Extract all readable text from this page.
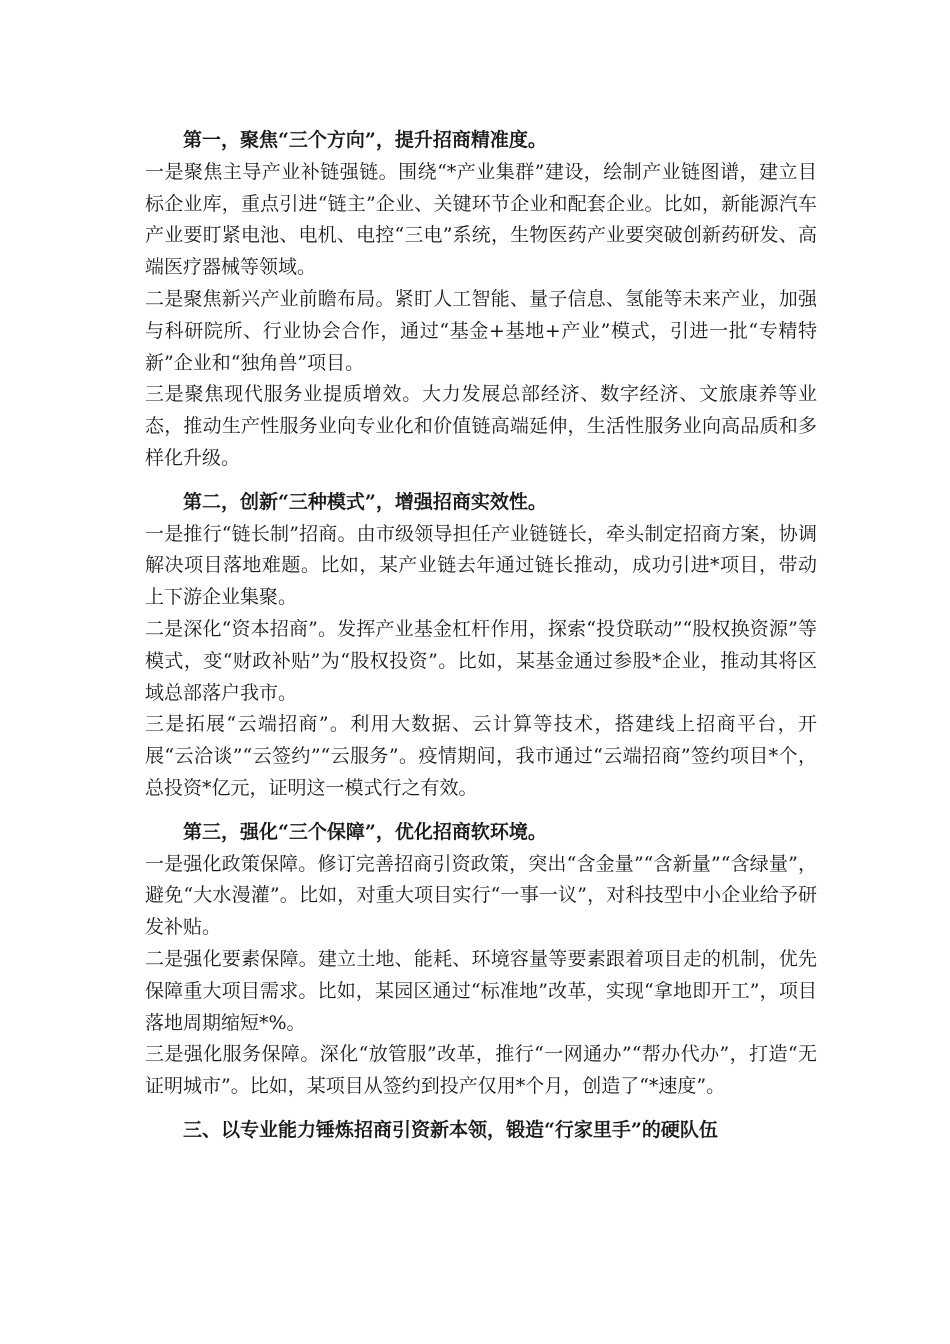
第一，聚焦“三个方向”，提升招商精准度。

一是聚焦主导产业补链强链。围绕“*产业集群”建设，绘制产业链图谱，建立目标企业库，重点引进“链主”企业、关键环节企业和配套企业。比如，新能源汽车产业要盯紧电池、电机、电控“三电”系统，生物医药产业要突破创新药研发、高端医疗器械等领域。

二是聚焦新兴产业前瞻布局。紧盯人工智能、量子信息、氢能等未来产业，加强与科研院所、行业协会合作，通过“基金+基地+产业”模式，引进一批“专精特新”企业和“独角兽”项目。

三是聚焦现代服务业提质增效。大力发展总部经济、数字经济、文旅康养等业态，推动生产性服务业向专业化和价值链高端延伸，生活性服务业向高品质和多样化升级。

第二，创新“三种模式”，增强招商实效性。

一是推行“链长制”招商。由市级领导担任产业链链长，牵头制定招商方案，协调解决项目落地难题。比如，某产业链去年通过链长推动，成功引进*项目，带动上下游企业集聚。

二是深化“资本招商”。发挥产业基金杠杆作用，探索“投贷联动”“股权换资源”等模式，变“财政补贴”为“股权投资”。比如，某基金通过参股*企业，推动其将区域总部落户我市。

三是拓展“云端招商”。利用大数据、云计算等技术，搭建线上招商平台，开展“云洽谈”“云签约”“云服务”。疫情期间，我市通过“云端招商”签约项目*个，总投资*亿元，证明这一模式行之有效。

第三，强化“三个保障”，优化招商软环境。

一是强化政策保障。修订完善招商引资政策，突出“含金量”“含新量”“含绿量”，避免“大水漫灌”。比如，对重大项目实行“一事一议”，对科技型中小企业给予研发补贴。

二是强化要素保障。建立土地、能耗、环境容量等要素跟着项目走的机制，优先保障重大项目需求。比如，某园区通过“标准地”改革，实现“拿地即开工”，项目落地周期缩短*%。

三是强化服务保障。深化“放管服”改革，推行“一网通办”“帮办代办”，打造“无证明城市”。比如，某项目从签约到投产仅用*个月，创造了“*速度”。

三、以专业能力锤炼招商引资新本领，锻造“行家里手”的硬队伍
